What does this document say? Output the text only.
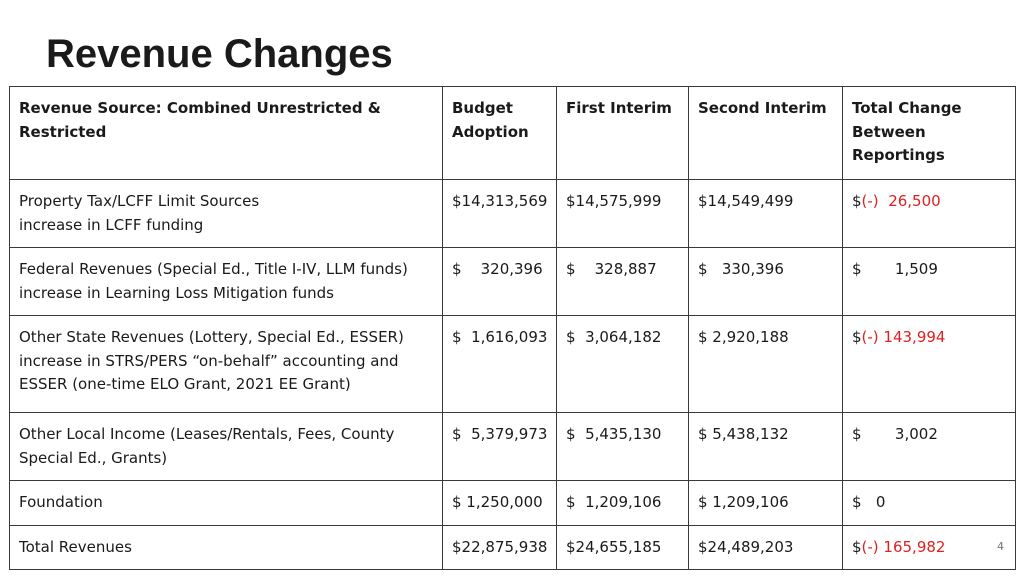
Revenue Changes
Revenue Source: Combined Unrestricted & Restricted	Budget Adoption	First Interim	Second Interim	Total Change Between Reportings

Property Tax/LCFF Limit Sources
increase in LCFF funding	$14,313,569	$14,575,999	$14,549,499	$(-)  26,500

Federal Revenues (Special Ed., Title I-IV, LLM funds)
increase in Learning Loss Mitigation funds	$    320,396	$    328,887	$   330,396	$       1,509

Other State Revenues (Lottery, Special Ed., ESSER)
increase in STRS/PERS “on-behalf” accounting and ESSER (one-time ELO Grant, 2021 EE Grant)	$  1,616,093	$  3,064,182	$ 2,920,188	$(-) 143,994

Other Local Income (Leases/Rentals, Fees, County Special Ed., Grants)	$  5,379,973	$  5,435,130	$ 5,438,132	$       3,002

Foundation	$ 1,250,000	$  1,209,106	$ 1,209,106	$   0
Total Revenues	$22,875,938	$24,655,185	$24,489,203	$(-) 165,982	4
